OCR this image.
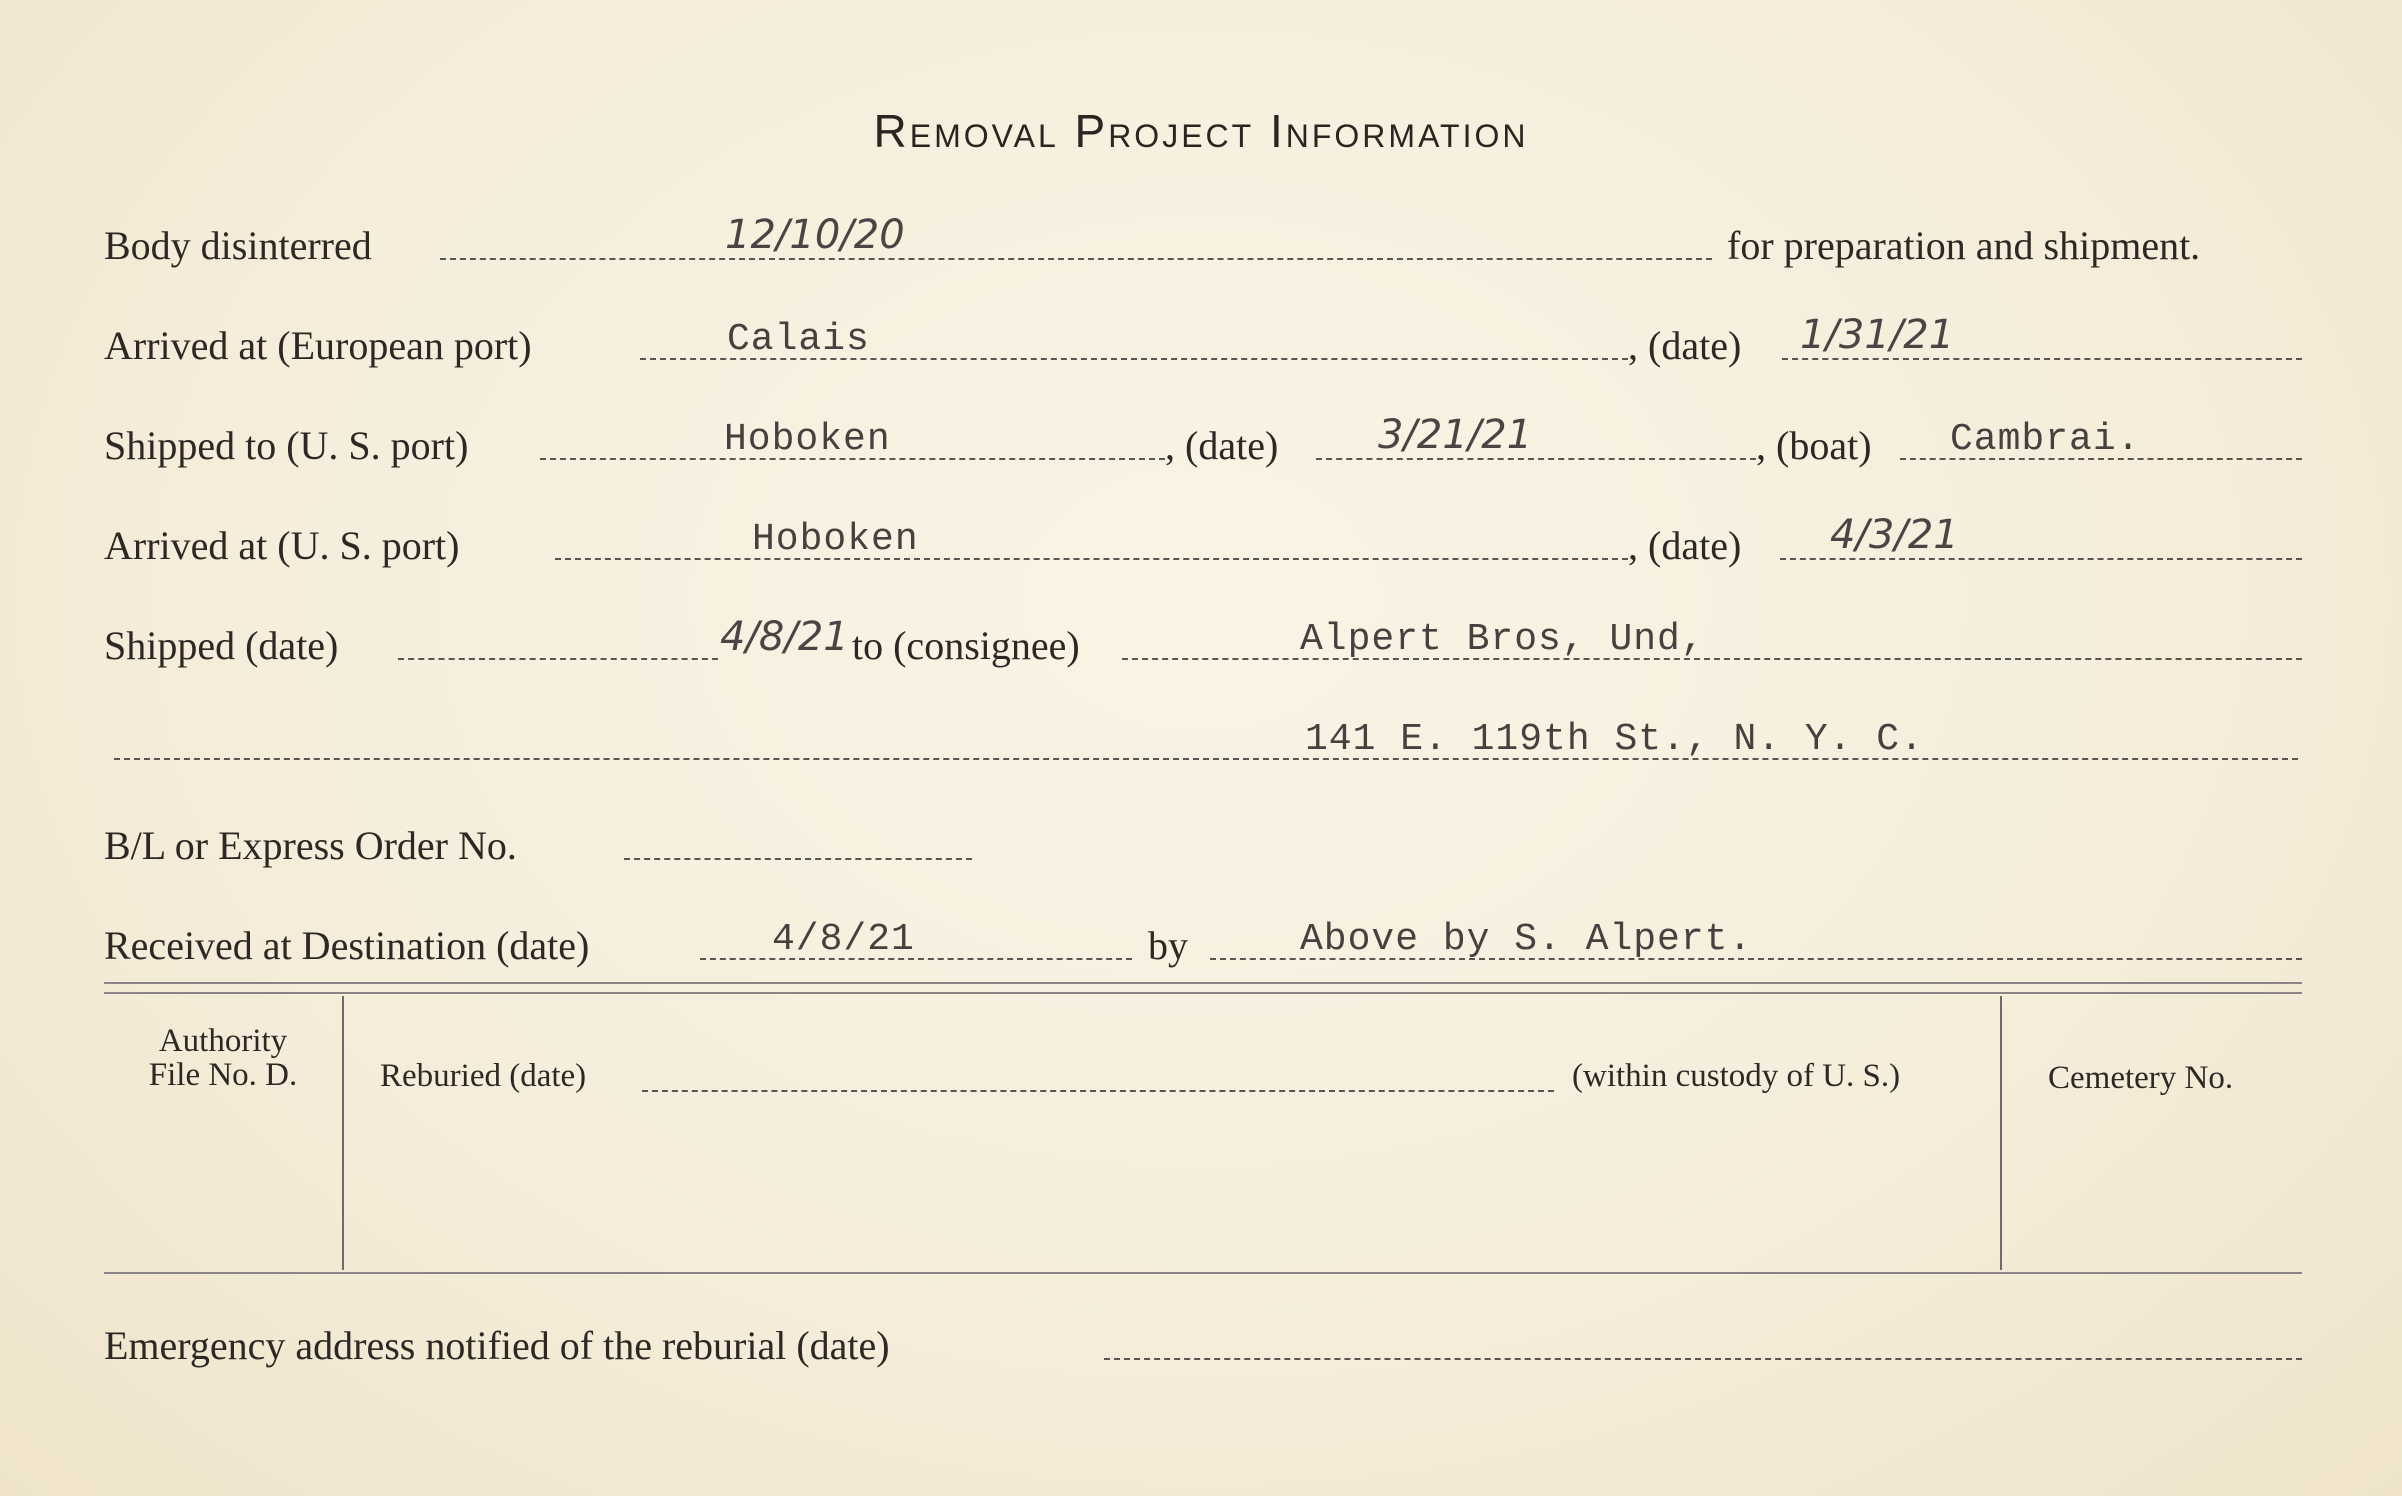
Removal Project Information
Body disinterred	12/10/20	for preparation and shipment.
Arrived at (European port)	Calais	, (date) 1/31/21
Shipped to (U. S. port)	Hoboken	, (date) 3/21/21	, (boat) Cambrai.
Arrived at (U. S. port)	Hoboken	, (date) 4/3/21
Shipped (date)	4/8/21 to (consignee)	Alpert Bros, Und,
141 E. 119th St., N. Y. C.
B/L or Express Order No.
Received at Destination (date)	4/8/21	by	Above by S. Alpert.
Authority
File No. D.	Reburied (date)	(within custody of U. S.)	Cemetery No.
Emergency address notified of the reburial (date)
